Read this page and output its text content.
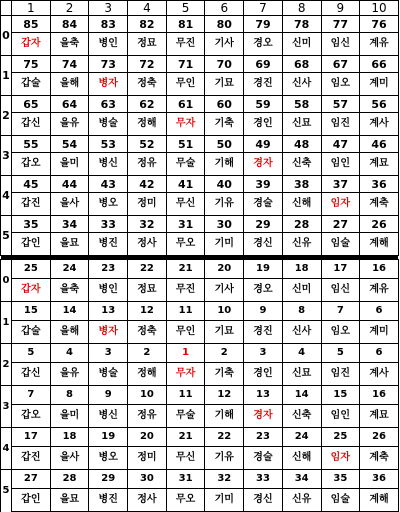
	1	2	3	4	5	6	7	8	9	10
0	85	84	83	82	81	80	79	78	77	76
	갑자	을축	병인	정묘	무진	기사	경오	신미	임신	계유
1	75	74	73	72	71	70	69	68	67	66
	갑술	을해	병자	정축	무인	기묘	경진	신사	임오	계미
2	65	64	63	62	61	60	59	58	57	56
	갑신	을유	병술	정해	무자	기축	경인	신묘	임진	계사
3	55	54	53	52	51	50	49	48	47	46
	갑오	을미	병신	정유	무술	기해	경자	신축	임인	계묘
4	45	44	43	42	41	40	39	38	37	36
	갑진	을사	병오	정미	무신	기유	경술	신해	임자	계축
5	35	34	33	32	31	30	29	28	27	26
	갑인	을묘	병진	정사	무오	기미	경신	신유	임술	계해

0	25	24	23	22	21	20	19	18	17	16
	갑자	을축	병인	정묘	무진	기사	경오	신미	임신	계유
1	15	14	13	12	11	10	9	8	7	6
	갑술	을해	병자	정축	무인	기묘	경진	신사	임오	계미
2	5	4	3	2	1	2	3	4	5	6
	갑신	을유	병술	정해	무자	기축	경인	신묘	임진	계사
3	7	8	9	10	11	12	13	14	15	16
	갑오	을미	병신	정유	무술	기해	경자	신축	임인	계묘
4	17	18	19	20	21	22	23	24	25	26
	갑진	을사	병오	정미	무신	기유	경술	신해	임자	계축
5	27	28	29	30	31	32	33	34	35	36
	갑인	을묘	병진	정사	무오	기미	경신	신유	임술	계해
